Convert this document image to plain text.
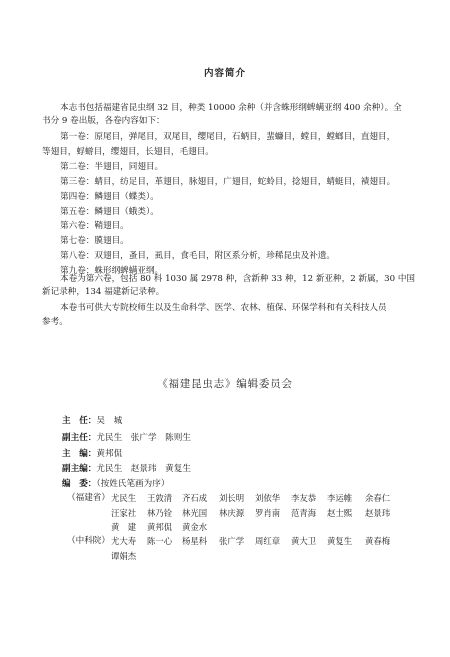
内容简介
本志书包括福建省昆虫纲 32 目，种类 10000 余种（并含蛛形纲蜱螨亚纲 400 余种）。全
书分 9 卷出版，各卷内容如下：
第一卷：原尾目，弹尾目，双尾目，缨尾目，石蛃目，蜚蠊目，螳目，螳螂目，直翅目，
等翅目，蜉蝣目，缨翅目，长翅目，毛翅目。
第二卷：半翅目，同翅目。
第三卷：蜻目，纺足目，革翅目，脉翅目，广翅目，蛇蛉目，捻翅目，蜻蜓目，襀翅目。
第四卷：鳞翅目（蝶类）。
第五卷：鳞翅目（蛾类）。
第六卷：鞘翅目。
第七卷：膜翅目。
第八卷：双翅目，蚤目，虱目，食毛目，附区系分析，珍稀昆虫及补遗。
第九卷：蛛形纲蜱螨亚纲。
本卷为第六卷，包括 80 科 1030 属 2978 种，含新种 33 种，12 新亚种，2 新属，30 中国
新记录种，134 福建新记录种。
本卷书可供大专院校师生以及生命科学、医学、农林、植保、环保学科和有关科技人员
参考。
《福建昆虫志》编辑委员会
主　任：吴　城
副主任：尤民生　张广学　陈则生
主　编：黄邦侃
副主编：尤民生　赵景玮　黄复生
编　委：（按姓氏笔画为序）
（福建省） 尤民生 王敦清 齐石成 刘长明 刘依华 李友恭 李运帷 余春仁
汪家社 林乃铨 林光国 林庆源 罗肖南 范青海 赵士熙 赵景玮
黄　建 黄邦侃 黄金水
（中科院） 尤大寿 陈一心 杨星科 张广学 周红章 黄大卫 黄复生 黄春梅
谭娟杰
